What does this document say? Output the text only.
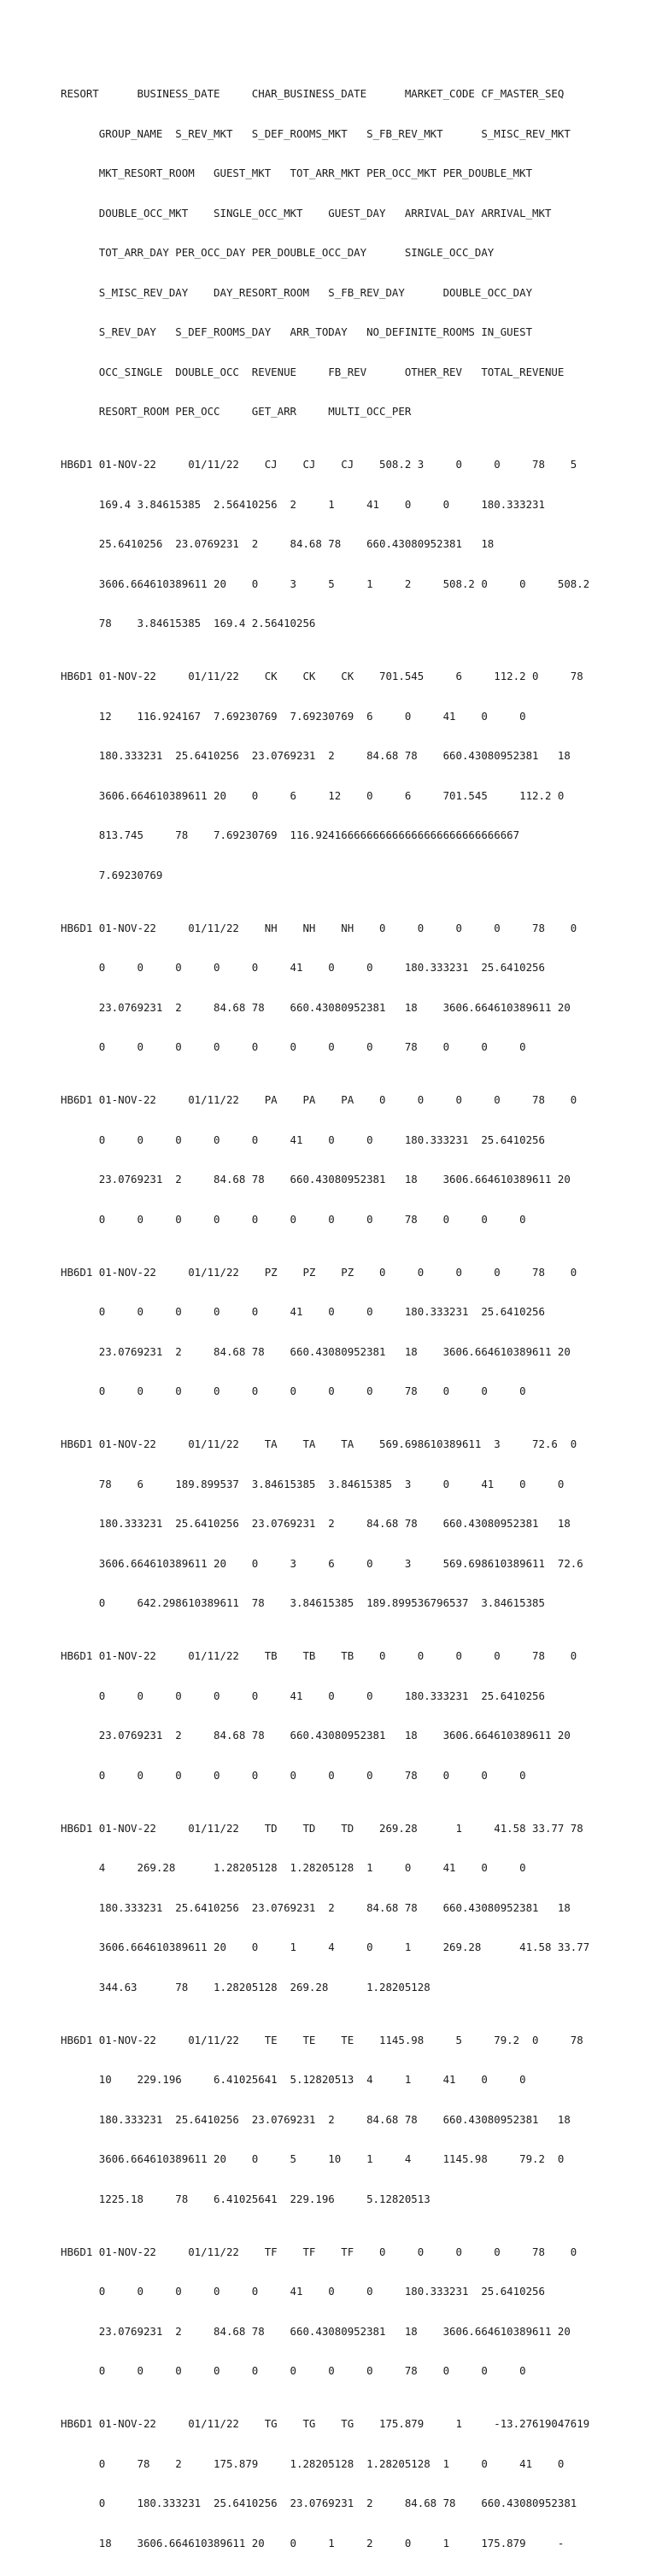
RESORT      BUSINESS_DATE     CHAR_BUSINESS_DATE      MARKET_CODE CF_MASTER_SEQ

GROUP_NAME  S_REV_MKT   S_DEF_ROOMS_MKT   S_FB_REV_MKT      S_MISC_REV_MKT

MKT_RESORT_ROOM   GUEST_MKT   TOT_ARR_MKT PER_OCC_MKT PER_DOUBLE_MKT

DOUBLE_OCC_MKT    SINGLE_OCC_MKT    GUEST_DAY   ARRIVAL_DAY ARRIVAL_MKT

TOT_ARR_DAY PER_OCC_DAY PER_DOUBLE_OCC_DAY      SINGLE_OCC_DAY

S_MISC_REV_DAY    DAY_RESORT_ROOM   S_FB_REV_DAY      DOUBLE_OCC_DAY

S_REV_DAY   S_DEF_ROOMS_DAY   ARR_TODAY   NO_DEFINITE_ROOMS IN_GUEST

OCC_SINGLE  DOUBLE_OCC  REVENUE     FB_REV      OTHER_REV   TOTAL_REVENUE

RESORT_ROOM PER_OCC     GET_ARR     MULTI_OCC_PER

HB6D1 01-NOV-22     01/11/22    CJ    CJ    CJ    508.2 3     0     0     78    5

169.4 3.84615385  2.56410256  2     1     41    0     0     180.333231

25.6410256  23.0769231  2     84.68 78    660.43080952381   18

3606.664610389611 20    0     3     5     1     2     508.2 0     0     508.2

78    3.84615385  169.4 2.56410256

HB6D1 01-NOV-22     01/11/22    CK    CK    CK    701.545     6     112.2 0     78

12    116.924167  7.69230769  7.69230769  6     0     41    0     0

180.333231  25.6410256  23.0769231  2     84.68 78    660.43080952381   18

3606.664610389611 20    0     6     12    0     6     701.545     112.2 0

813.745     78    7.69230769  116.92416666666666666666666666666667

7.69230769

HB6D1 01-NOV-22     01/11/22    NH    NH    NH    0     0     0     0     78    0

0     0     0     0     0     41    0     0     180.333231  25.6410256

23.0769231  2     84.68 78    660.43080952381   18    3606.664610389611 20

0     0     0     0     0     0     0     0     78    0     0     0

HB6D1 01-NOV-22     01/11/22    PA    PA    PA    0     0     0     0     78    0

0     0     0     0     0     41    0     0     180.333231  25.6410256

23.0769231  2     84.68 78    660.43080952381   18    3606.664610389611 20

0     0     0     0     0     0     0     0     78    0     0     0

HB6D1 01-NOV-22     01/11/22    PZ    PZ    PZ    0     0     0     0     78    0

0     0     0     0     0     41    0     0     180.333231  25.6410256

23.0769231  2     84.68 78    660.43080952381   18    3606.664610389611 20

0     0     0     0     0     0     0     0     78    0     0     0

HB6D1 01-NOV-22     01/11/22    TA    TA    TA    569.698610389611  3     72.6  0

78    6     189.899537  3.84615385  3.84615385  3     0     41    0     0

180.333231  25.6410256  23.0769231  2     84.68 78    660.43080952381   18

3606.664610389611 20    0     3     6     0     3     569.698610389611  72.6

0     642.298610389611  78    3.84615385  189.899536796537  3.84615385

HB6D1 01-NOV-22     01/11/22    TB    TB    TB    0     0     0     0     78    0

0     0     0     0     0     41    0     0     180.333231  25.6410256

23.0769231  2     84.68 78    660.43080952381   18    3606.664610389611 20

0     0     0     0     0     0     0     0     78    0     0     0

HB6D1 01-NOV-22     01/11/22    TD    TD    TD    269.28      1     41.58 33.77 78

4     269.28      1.28205128  1.28205128  1     0     41    0     0

180.333231  25.6410256  23.0769231  2     84.68 78    660.43080952381   18

3606.664610389611 20    0     1     4     0     1     269.28      41.58 33.77

344.63      78    1.28205128  269.28      1.28205128

HB6D1 01-NOV-22     01/11/22    TE    TE    TE    1145.98     5     79.2  0     78

10    229.196     6.41025641  5.12820513  4     1     41    0     0

180.333231  25.6410256  23.0769231  2     84.68 78    660.43080952381   18

3606.664610389611 20    0     5     10    1     4     1145.98     79.2  0

1225.18     78    6.41025641  229.196     5.12820513

HB6D1 01-NOV-22     01/11/22    TF    TF    TF    0     0     0     0     78    0

0     0     0     0     0     41    0     0     180.333231  25.6410256

23.0769231  2     84.68 78    660.43080952381   18    3606.664610389611 20

0     0     0     0     0     0     0     0     78    0     0     0

HB6D1 01-NOV-22     01/11/22    TG    TG    TG    175.879     1     -13.27619047619

0     78    2     175.879     1.28205128  1.28205128  1     0     41    0

0     180.333231  25.6410256  23.0769231  2     84.68 78    660.43080952381

18    3606.664610389611 20    0     1     2     0     1     175.879     -
